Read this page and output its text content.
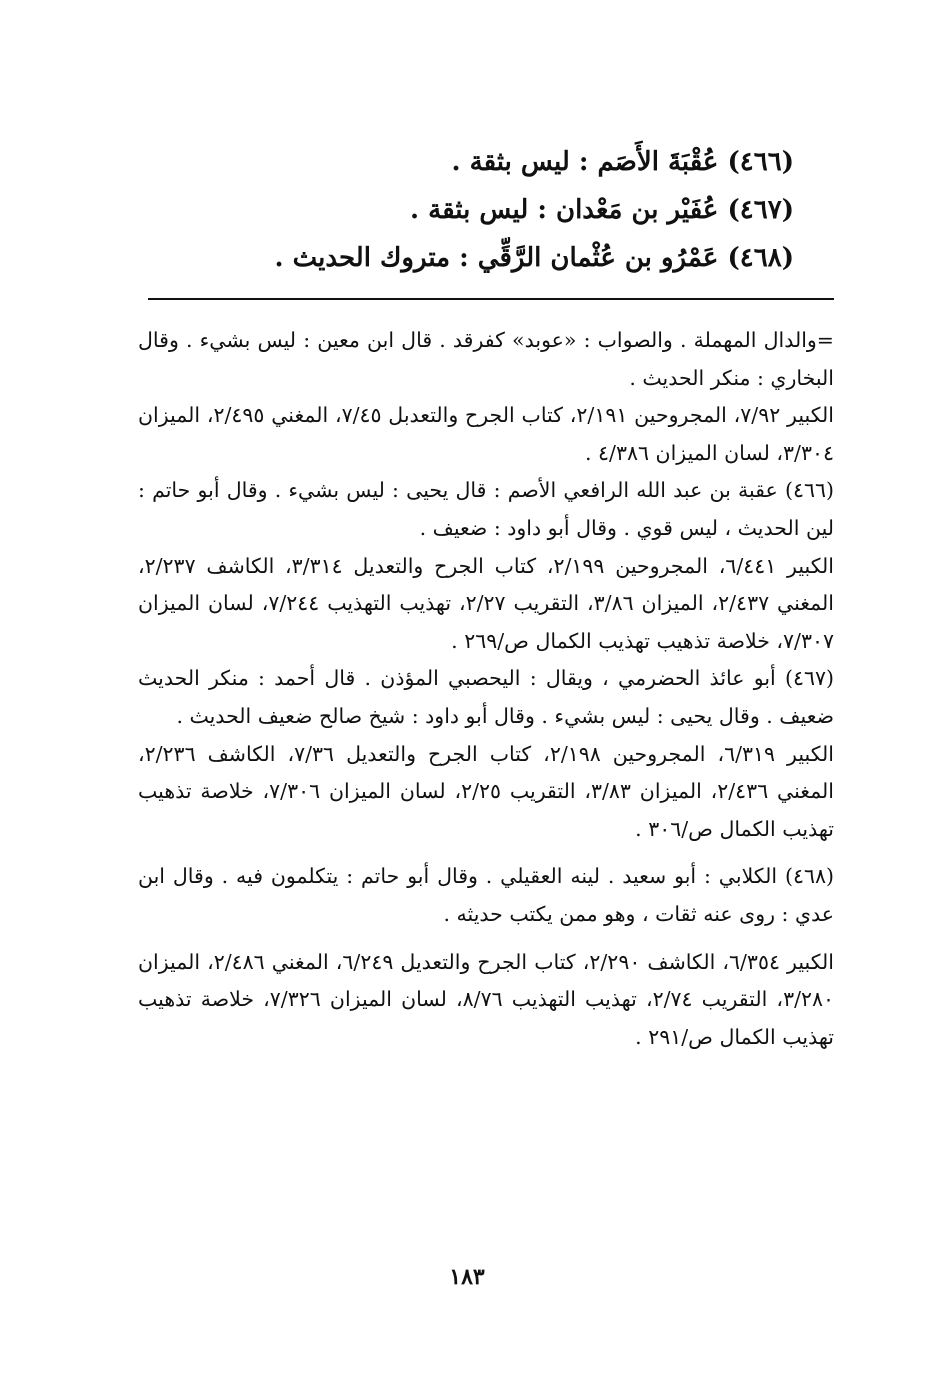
(٤٦٦) عُقْبَةَ الأَصَم : ليس بثقة .
(٤٦٧) عُفَيْر بن مَعْدان : ليس بثقة .
(٤٦٨) عَمْرُو بن عُثْمان الرَّقِّي : متروك الحديث .

=والدال المهملة . والصواب : «عوبد» كفرقد . قال ابن معين : ليس بشيء . وقال البخاري : منكر الحديث .

الكبير ٧/٩٢، المجروحين ٢/١٩١، كتاب الجرح والتعدبل ٧/٤٥، المغني ٢/٤٩٥، الميزان ٣/٣٠٤، لسان الميزان ٤/٣٨٦ .

(٤٦٦) عقبة بن عبد الله الرافعي الأصم : قال يحيى : ليس بشيء . وقال أبو حاتم : لين الحديث ، ليس قوي . وقال أبو داود : ضعيف .

الكبير ٦/٤٤١، المجروحين ٢/١٩٩، كتاب الجرح والتعديل ٣/٣١٤، الكاشف ٢/٢٣٧، المغني ٢/٤٣٧، الميزان ٣/٨٦، التقريب ٢/٢٧، تهذيب التهذيب ٧/٢٤٤، لسان الميزان ٧/٣٠٧، خلاصة تذهيب تهذيب الكمال ص/٢٦٩ .

(٤٦٧) أبو عائذ الحضرمي ، ويقال : اليحصبي المؤذن . قال أحمد : منكر الحديث ضعيف . وقال يحيى : ليس بشيء . وقال أبو داود : شيخ صالح ضعيف الحديث .

الكبير ٦/٣١٩، المجروحين ٢/١٩٨، كتاب الجرح والتعديل ٧/٣٦، الكاشف ٢/٢٣٦، المغني ٢/٤٣٦، الميزان ٣/٨٣، التقريب ٢/٢٥، لسان الميزان ٧/٣٠٦، خلاصة تذهيب تهذيب الكمال ص/٣٠٦ .

(٤٦٨) الكلابي : أبو سعيد . لينه العقيلي . وقال أبو حاتم : يتكلمون فيه . وقال ابن عدي : روى عنه ثقات ، وهو ممن يكتب حديثه .

الكبير ٦/٣٥٤، الكاشف ٢/٢٩٠، كتاب الجرح والتعديل ٦/٢٤٩، المغني ٢/٤٨٦، الميزان ٣/٢٨٠، التقريب ٢/٧٤، تهذيب التهذيب ٨/٧٦، لسان الميزان ٧/٣٢٦، خلاصة تذهيب تهذيب الكمال ص/٢٩١ .

١٨٣
